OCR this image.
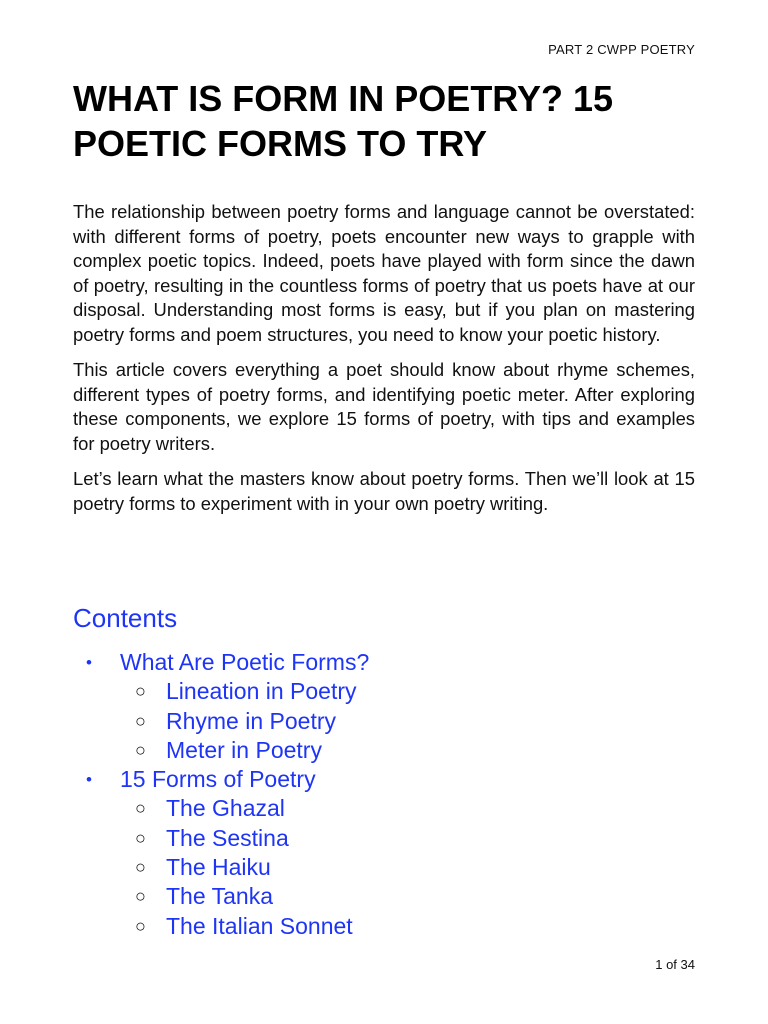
PART 2 CWPP POETRY
WHAT IS FORM IN POETRY? 15 POETIC FORMS TO TRY

The relationship between poetry forms and language cannot be overstated: with different forms of poetry, poets encounter new ways to grapple with complex poetic topics. Indeed, poets have played with form since the dawn of poetry, resulting in the countless forms of poetry that us poets have at our disposal. Understanding most forms is easy, but if you plan on mastering poetry forms and poem structures, you need to know your poetic history.

This article covers everything a poet should know about rhyme schemes, different types of poetry forms, and identifying poetic meter. After exploring these components, we explore 15 forms of poetry, with tips and examples for poetry writers.

Let’s learn what the masters know about poetry forms. Then we’ll look at 15 poetry forms to experiment with in your own poetry writing.

Contents
• What Are Poetic Forms?
○ Lineation in Poetry
○ Rhyme in Poetry
○ Meter in Poetry
• 15 Forms of Poetry
○ The Ghazal
○ The Sestina
○ The Haiku
○ The Tanka
○ The Italian Sonnet
1 of 34
